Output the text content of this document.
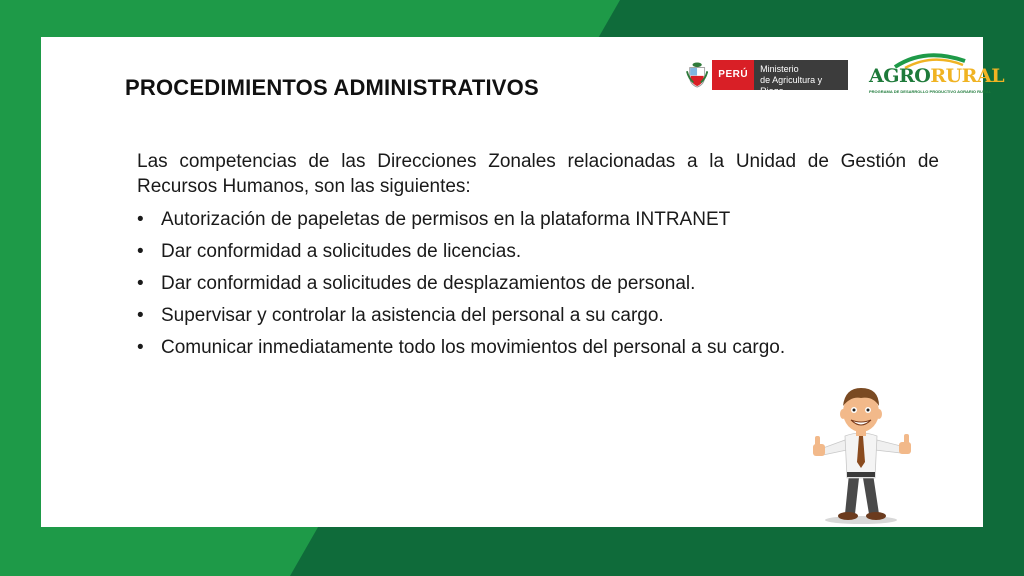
PROCEDIMIENTOS ADMINISTRATIVOS
PERÚ	Ministerio
de Agricultura y Riego
AGRORURAL
PROGRAMA DE DESARROLLO PRODUCTIVO AGRARIO RURAL

Las competencias de las Direcciones Zonales relacionadas a la Unidad de Gestión de Recursos Humanos, son las siguientes:

• Autorización de papeletas de permisos en la plataforma INTRANET
• Dar conformidad a solicitudes de licencias.
• Dar conformidad a solicitudes de desplazamientos de personal.
• Supervisar y controlar la asistencia del personal a su cargo.
• Comunicar inmediatamente todo los movimientos del personal a su cargo.
